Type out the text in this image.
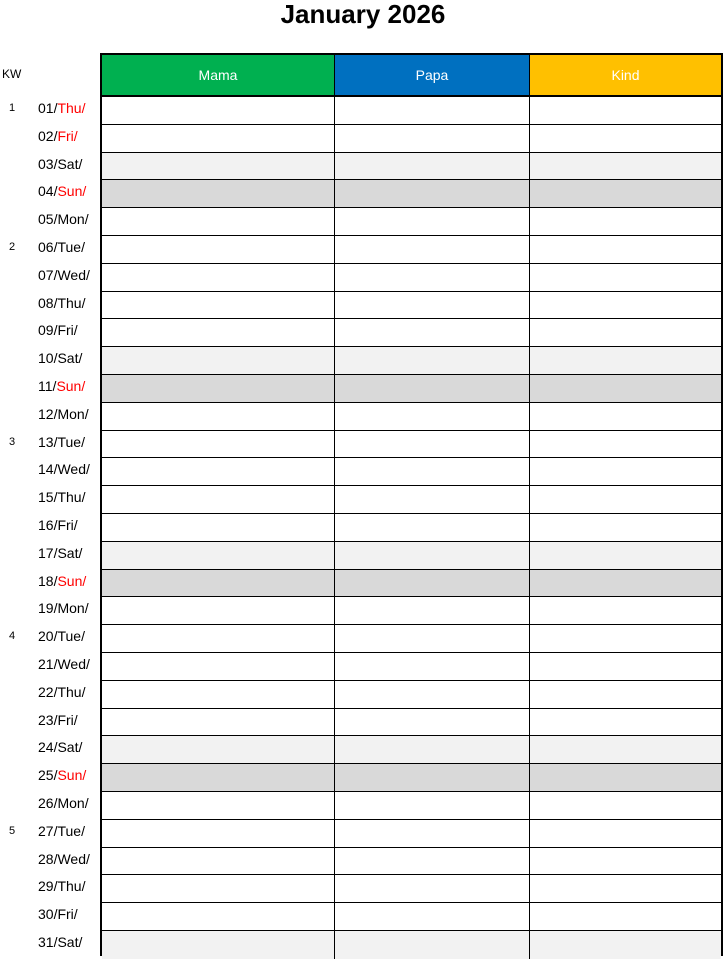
January 2026
KW
1 01/Thu/
02/Fri/
03/Sat/
04/Sun/
05/Mon/
2 06/Tue/
07/Wed/
08/Thu/
09/Fri/
10/Sat/
11/Sun/
12/Mon/
3 13/Tue/
14/Wed/
15/Thu/
16/Fri/
17/Sat/
18/Sun/
19/Mon/
4 20/Tue/
21/Wed/
22/Thu/
23/Fri/
24/Sat/
25/Sun/
26/Mon/
5 27/Tue/
28/Wed/
29/Thu/
30/Fri/
31/Sat/
Mama	Papa	Kind
